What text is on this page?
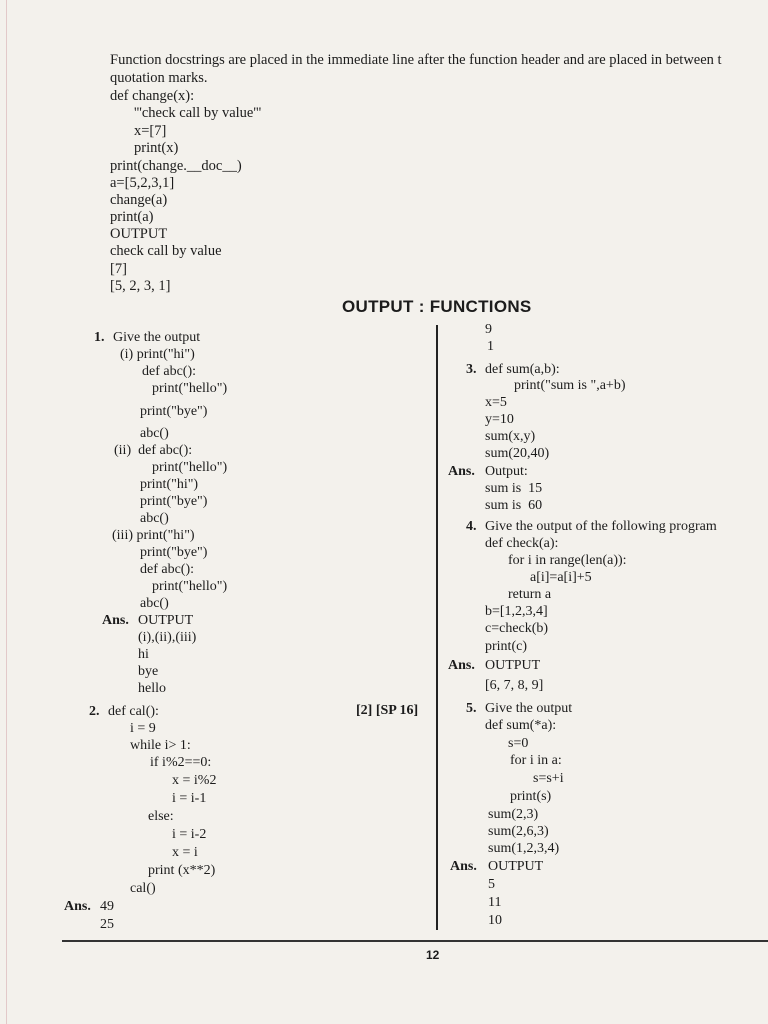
Function docstrings are placed in the immediate line after the function header and are placed in between t
quotation marks.
def change(x):
'''check call by value'''
x=[7]
print(x)
print(change.__doc__)
a=[5,2,3,1]
change(a)
print(a)
OUTPUT
check call by value
[7]
[5, 2, 3, 1]
OUTPUT : FUNCTIONS
1. Give the output
(i) print("hi")
def abc():
print("hello")
print("bye")
abc()
(ii)  def abc():
print("hello")
print("hi")
print("bye")
abc()
(iii) print("hi")
print("bye")
def abc():
print("hello")
abc()
Ans. OUTPUT
(i),(ii),(iii)
hi
bye
hello
2. def cal():	[2] [SP 16]
i = 9
while i> 1:
if i%2==0:
x = i%2
i = i-1
else:
i = i-2
x = i
print (x**2)
cal()
Ans. 49
25
9
1
3. def sum(a,b):
print("sum is ",a+b)
x=5
y=10
sum(x,y)
sum(20,40)
Ans. Output:
sum is  15
sum is  60
4. Give the output of the following program
def check(a):
for i in range(len(a)):
a[i]=a[i]+5
return a
b=[1,2,3,4]
c=check(b)
print(c)
Ans. OUTPUT
[6, 7, 8, 9]
5. Give the output
def sum(*a):
s=0
for i in a:
s=s+i
print(s)
sum(2,3)
sum(2,6,3)
sum(1,2,3,4)
Ans. OUTPUT
5
11
10
12
